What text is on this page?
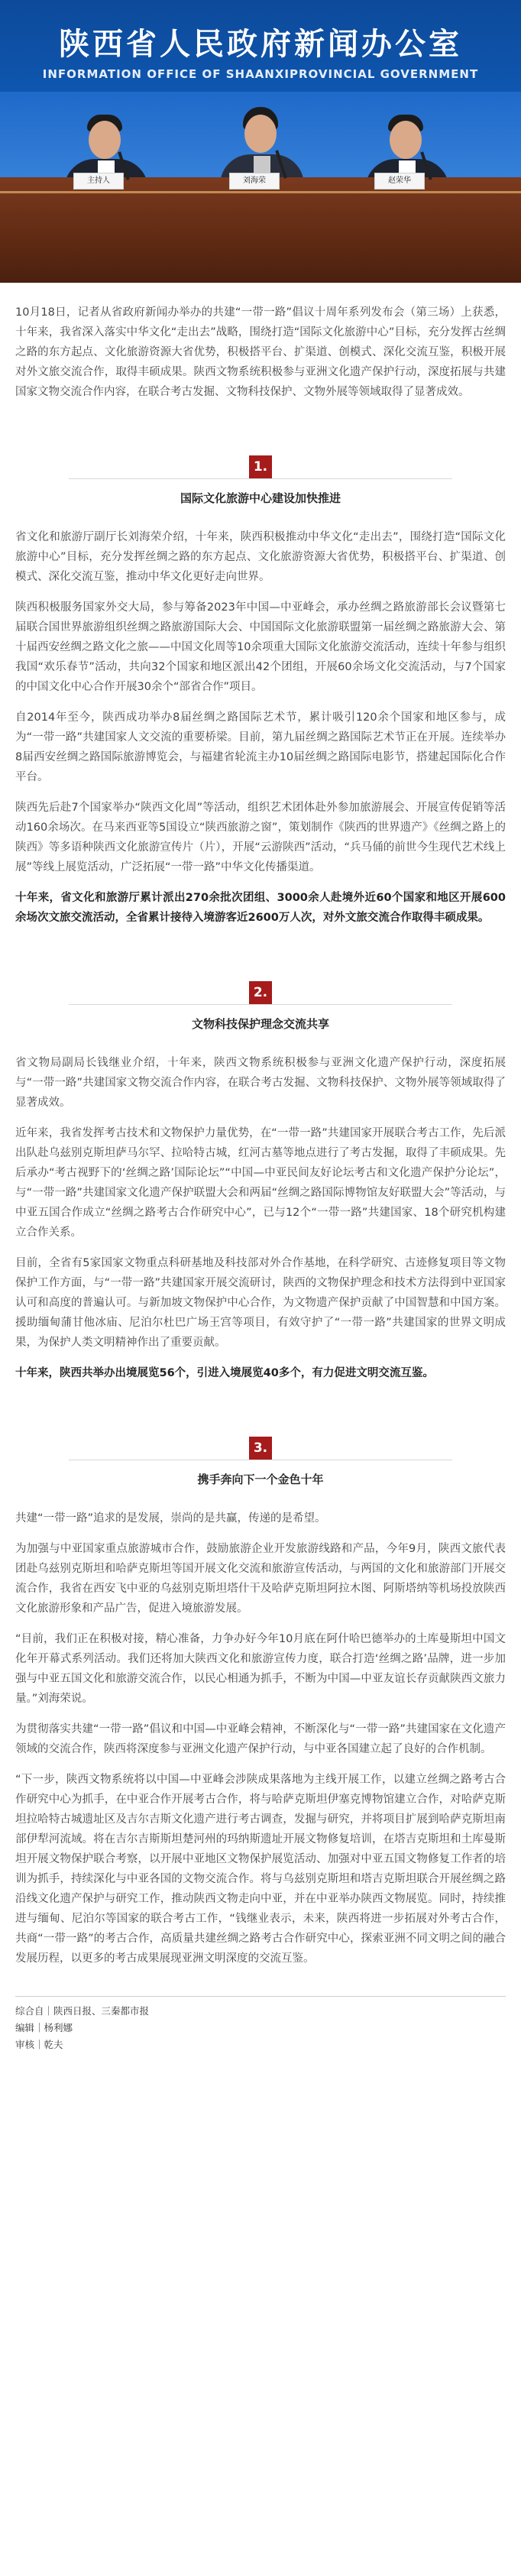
陕西省人民政府新闻办公室
INFORMATION OFFICE OF SHAANXIPROVINCIAL GOVERNMENT
主持人	刘海荣	赵荣华

10月18日，记者从省政府新闻办举办的共建“一带一路”倡议十周年系列发布会（第三场）上获悉，十年来，我省深入落实中华文化“走出去”战略，围绕打造“国际文化旅游中心”目标，充分发挥古丝绸之路的东方起点、文化旅游资源大省优势，积极搭平台、扩渠道、创模式、深化交流互鉴，积极开展对外文旅交流合作，取得丰硕成果。陕西文物系统积极参与亚洲文化遗产保护行动，深度拓展与共建国家文物交流合作内容，在联合考古发掘、文物科技保护、文物外展等领域取得了显著成效。

1.
国际文化旅游中心建设加快推进

省文化和旅游厅副厅长刘海荣介绍，十年来，陕西积极推动中华文化“走出去”，围绕打造“国际文化旅游中心”目标，充分发挥丝绸之路的东方起点、文化旅游资源大省优势，积极搭平台、扩渠道、创模式、深化交流互鉴，推动中华文化更好走向世界。

陕西积极服务国家外交大局，参与筹备2023年中国—中亚峰会，承办丝绸之路旅游部长会议暨第七届联合国世界旅游组织丝绸之路旅游国际大会、中国国际文化旅游联盟第一届丝绸之路旅游大会、第十届西安丝绸之路文化之旅——中国文化周等10余项重大国际文化旅游交流活动，连续十年参与组织我国“欢乐春节”活动，共向32个国家和地区派出42个团组，开展60余场文化交流活动，与7个国家的中国文化中心合作开展30余个“部省合作”项目。

自2014年至今，陕西成功举办8届丝绸之路国际艺术节，累计吸引120余个国家和地区参与，成为“一带一路”共建国家人文交流的重要桥梁。目前，第九届丝绸之路国际艺术节正在开展。连续举办8届西安丝绸之路国际旅游博览会，与福建省轮流主办10届丝绸之路国际电影节，搭建起国际化合作平台。

陕西先后赴7个国家举办“陕西文化周”等活动，组织艺术团体赴外参加旅游展会、开展宣传促销等活动160余场次。在马来西亚等5国设立“陕西旅游之窗”，策划制作《陕西的世界遗产》《丝绸之路上的陕西》等多语种陕西文化旅游宣传片（片），开展“云游陕西”活动，“兵马俑的前世今生现代艺术线上展”等线上展览活动，广泛拓展“一带一路”中华文化传播渠道。

十年来，省文化和旅游厅累计派出270余批次团组、3000余人赴境外近60个国家和地区开展600余场次文旅交流活动，全省累计接待入境游客近2600万人次，对外文旅交流合作取得丰硕成果。

2.
文物科技保护理念交流共享

省文物局副局长钱继业介绍，十年来，陕西文物系统积极参与亚洲文化遗产保护行动，深度拓展与“一带一路”共建国家文物交流合作内容，在联合考古发掘、文物科技保护、文物外展等领域取得了显著成效。

近年来，我省发挥考古技术和文物保护力量优势，在“一带一路”共建国家开展联合考古工作，先后派出队赴乌兹别克斯坦萨马尔罕、拉哈特古城，红河古墓等地点进行了考古发掘，取得了丰硕成果。先后承办“考古视野下的‘丝绸之路’国际论坛”“中国—中亚民间友好论坛考古和文化遗产保护分论坛”，与“一带一路”共建国家文化遗产保护联盟大会和两届“丝绸之路国际博物馆友好联盟大会”等活动，与中亚五国合作成立“丝绸之路考古合作研究中心”，已与12个“一带一路”共建国家、18个研究机构建立合作关系。

目前，全省有5家国家文物重点科研基地及科技部对外合作基地，在科学研究、古迹修复项目等文物保护工作方面，与“一带一路”共建国家开展交流研讨，陕西的文物保护理念和技术方法得到中亚国家认可和高度的普遍认可。与新加坡文物保护中心合作，为文物遗产保护贡献了中国智慧和中国方案。援助缅甸蒲甘他冰庙、尼泊尔杜巴广场王宫等项目，有效守护了“一带一路”共建国家的世界文明成果，为保护人类文明精神作出了重要贡献。

十年来，陕西共举办出境展览56个，引进入境展览40多个，有力促进文明交流互鉴。

3.
携手奔向下一个金色十年

共建“一带一路”追求的是发展，崇尚的是共赢，传递的是希望。

为加强与中亚国家重点旅游城市合作，鼓励旅游企业开发旅游线路和产品，今年9月，陕西文旅代表团赴乌兹别克斯坦和哈萨克斯坦等国开展文化交流和旅游宣传活动，与两国的文化和旅游部门开展交流合作，我省在西安飞中亚的乌兹别克斯坦塔什干及哈萨克斯坦阿拉木图、阿斯塔纳等机场投放陕西文化旅游形象和产品广告，促进入境旅游发展。

“目前，我们正在积极对接，精心准备，力争办好今年10月底在阿什哈巴德举办的土库曼斯坦中国文化年开幕式系列活动。我们还将加大陕西文化和旅游宣传力度，联合打造‘丝绸之路’品牌，进一步加强与中亚五国文化和旅游交流合作，以民心相通为抓手，不断为中国—中亚友谊长存贡献陕西文旅力量。”刘海荣说。

为贯彻落实共建“一带一路”倡议和中国—中亚峰会精神，不断深化与“一带一路”共建国家在文化遗产领域的交流合作，陕西将深度参与亚洲文化遗产保护行动，与中亚各国建立起了良好的合作机制。

“下一步，陕西文物系统将以中国—中亚峰会涉陕成果落地为主线开展工作，以建立丝绸之路考古合作研究中心为抓手，在中亚合作开展考古合作，将与哈萨克斯坦伊塞克博物馆建立合作，对哈萨克斯坦拉哈特古城遗址区及吉尔吉斯文化遗产进行考古调查，发掘与研究，并将项目扩展到哈萨克斯坦南部伊犁河流域。将在吉尔吉斯斯坦楚河州的玛纳斯遗址开展文物修复培训，在塔吉克斯坦和土库曼斯坦开展文物保护联合考察，以开展中亚地区文物保护展览活动、加强对中亚五国文物修复工作者的培训为抓手，持续深化与中亚各国的文物交流合作。将与乌兹别克斯坦和塔吉克斯坦联合开展丝绸之路沿线文化遗产保护与研究工作，推动陕西文物走向中亚，并在中亚举办陕西文物展览。同时，持续推进与缅甸、尼泊尔等国家的联合考古工作，“钱继业表示，未来，陕西将进一步拓展对外考古合作，共商“一带一路”的考古合作，高质量共建丝绸之路考古合作研究中心，探索亚洲不同文明之间的融合发展历程，以更多的考古成果展现亚洲文明深度的交流互鉴。

综合自｜陕西日报、三秦都市报
编辑｜杨利娜
审核｜乾夫
